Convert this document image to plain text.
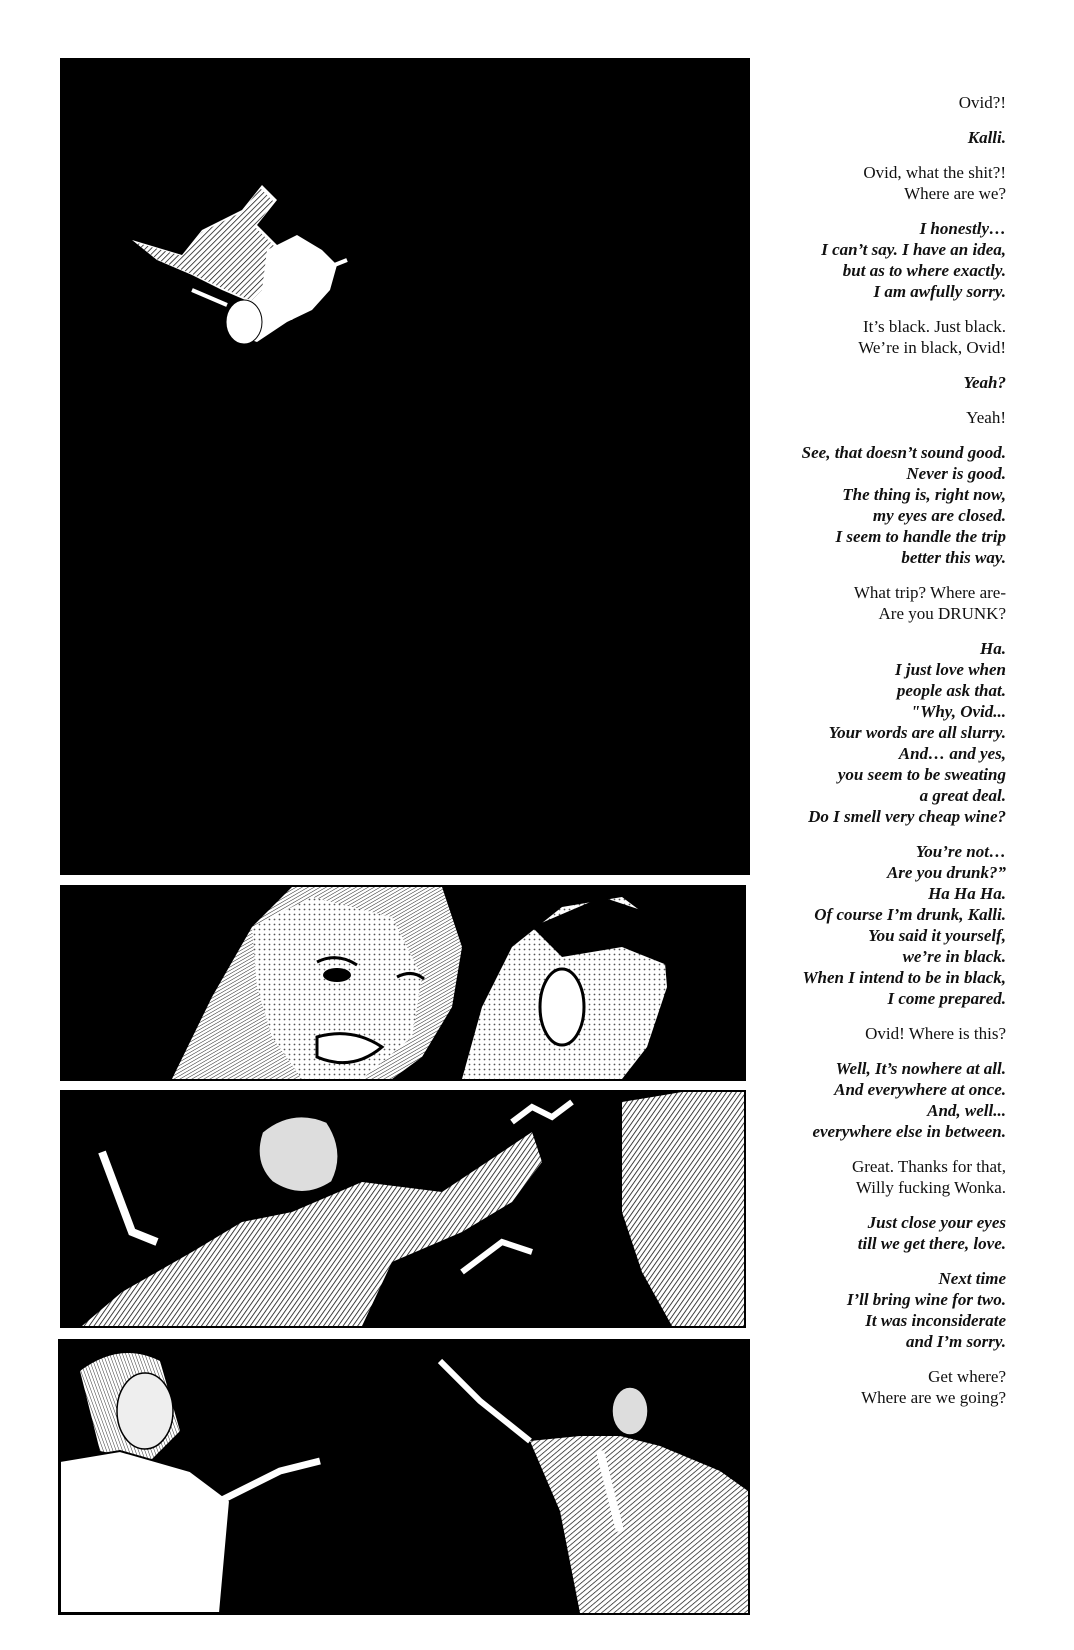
Ovid?!
Kalli.
Ovid, what the shit?!
Where are we?
I honestly…
I can’t say. I have an idea,
but as to where exactly.
I am awfully sorry.
It’s black. Just black.
We’re in black, Ovid!
Yeah?
Yeah!
See, that doesn’t sound good.
Never is good.
The thing is, right now,
my eyes are closed.
I seem to handle the trip
better this way.
What trip? Where are-
Are you DRUNK?
Ha.
I just love when
people ask that.
"Why, Ovid...
Your words are all slurry.
And… and yes,
you seem to be sweating
a great deal.
Do I smell very cheap wine?
You’re not…
Are you drunk?”
Ha Ha Ha.
Of course I’m drunk, Kalli.
You said it yourself,
we’re in black.
When I intend to be in black,
I come prepared.
Ovid! Where is this?
Well, It’s nowhere at all.
And everywhere at once.
And, well...
everywhere else in between.
Great. Thanks for that,
Willy fucking Wonka.
Just close your eyes
till we get there, love.
Next time
I’ll bring wine for two.
It was inconsiderate
and I’m sorry.
Get where?
Where are we going?
